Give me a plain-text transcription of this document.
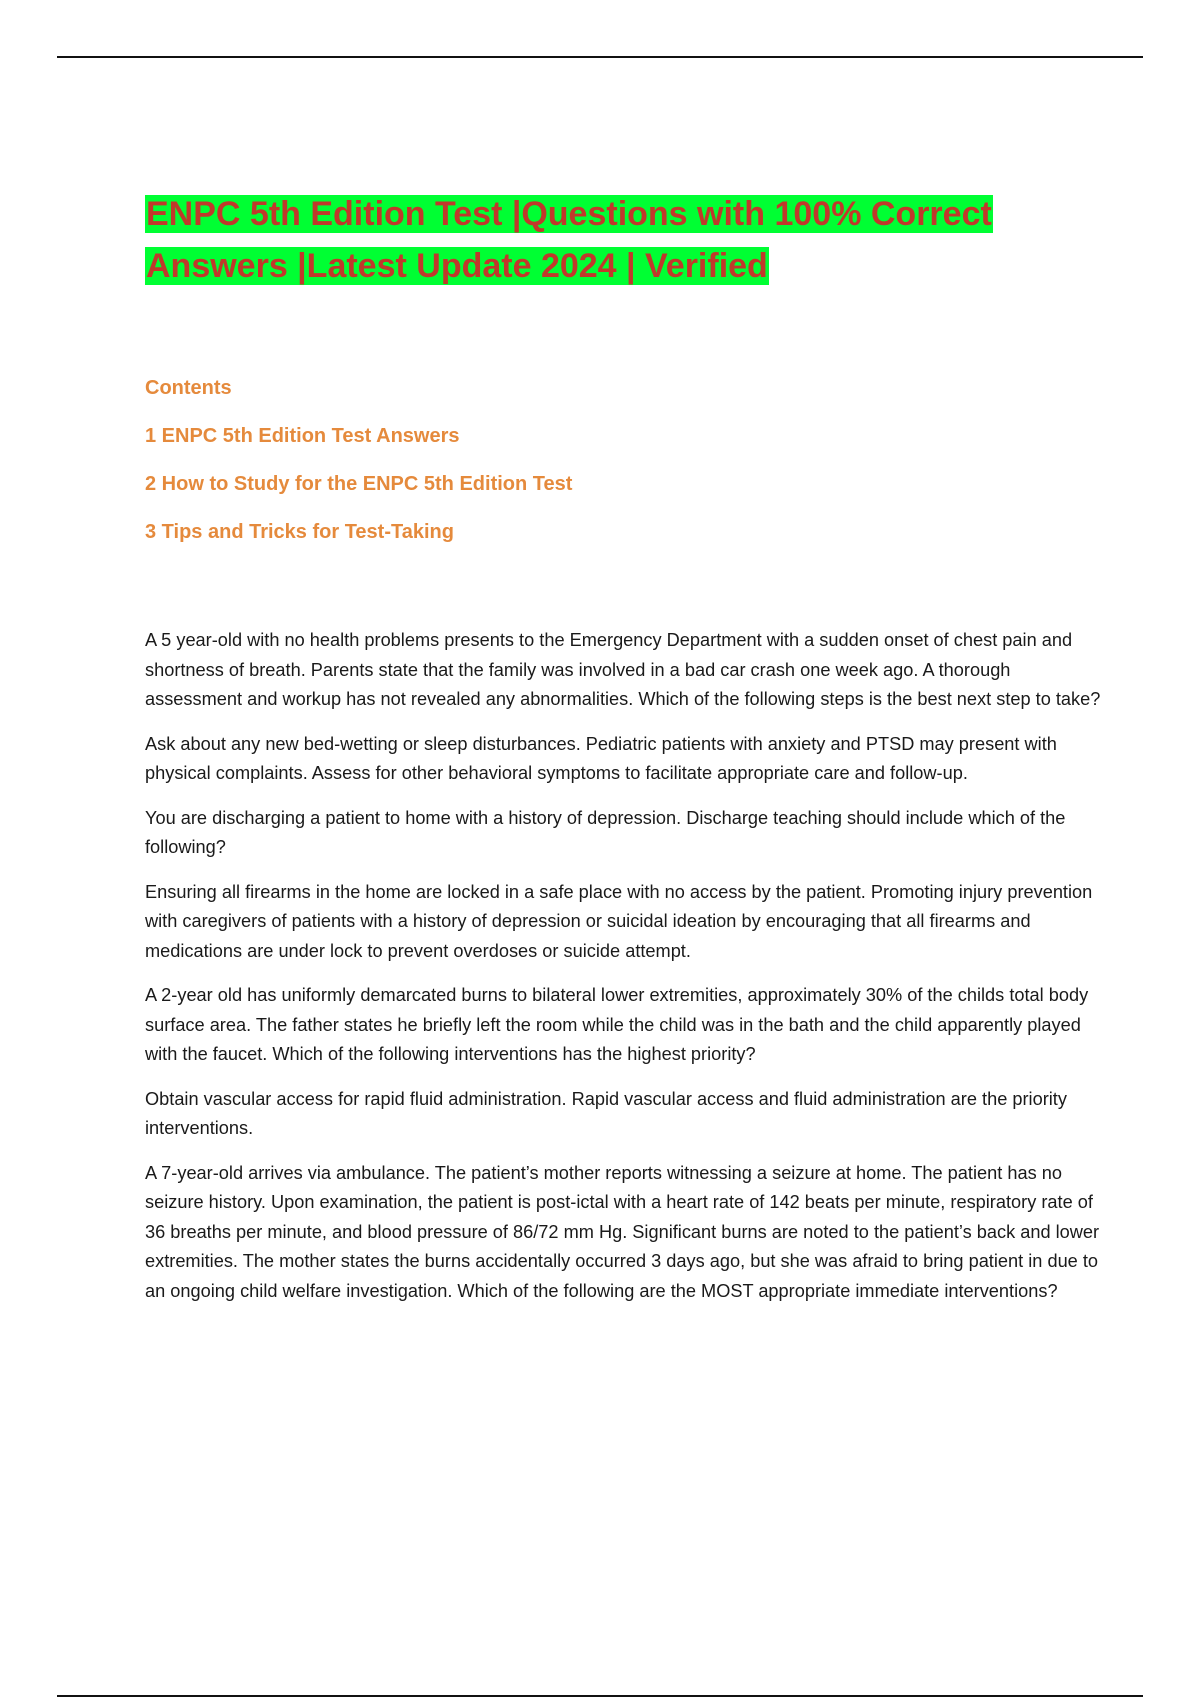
ENPC 5th Edition Test |Questions with 100% Correct
Answers |Latest Update 2024 | Verified
Contents
1 ENPC 5th Edition Test Answers
2 How to Study for the ENPC 5th Edition Test
3 Tips and Tricks for Test-Taking

A 5 year-old with no health problems presents to the Emergency Department with a sudden onset of chest pain and shortness of breath. Parents state that the family was involved in a bad car crash one week ago. A thorough assessment and workup has not revealed any abnormalities. Which of the following steps is the best next step to take?

Ask about any new bed-wetting or sleep disturbances. Pediatric patients with anxiety and PTSD may present with physical complaints. Assess for other behavioral symptoms to facilitate appropriate care and follow-up.

You are discharging a patient to home with a history of depression. Discharge teaching should include which of the following?

Ensuring all firearms in the home are locked in a safe place with no access by the patient. Promoting injury prevention with caregivers of patients with a history of depression or suicidal ideation by encouraging that all firearms and medications are under lock to prevent overdoses or suicide attempt.

A 2-year old has uniformly demarcated burns to bilateral lower extremities, approximately 30% of the childs total body surface area. The father states he briefly left the room while the child was in the bath and the child apparently played with the faucet. Which of the following interventions has the highest priority?

Obtain vascular access for rapid fluid administration. Rapid vascular access and fluid administration are the priority interventions.

A 7-year-old arrives via ambulance. The patient’s mother reports witnessing a seizure at home. The patient has no seizure history. Upon examination, the patient is post-ictal with a heart rate of 142 beats per minute, respiratory rate of 36 breaths per minute, and blood pressure of 86/72 mm Hg. Significant burns are noted to the patient’s back and lower extremities. The mother states the burns accidentally occurred 3 days ago, but she was afraid to bring patient in due to an ongoing child welfare investigation. Which of the following are the MOST appropriate immediate interventions?
